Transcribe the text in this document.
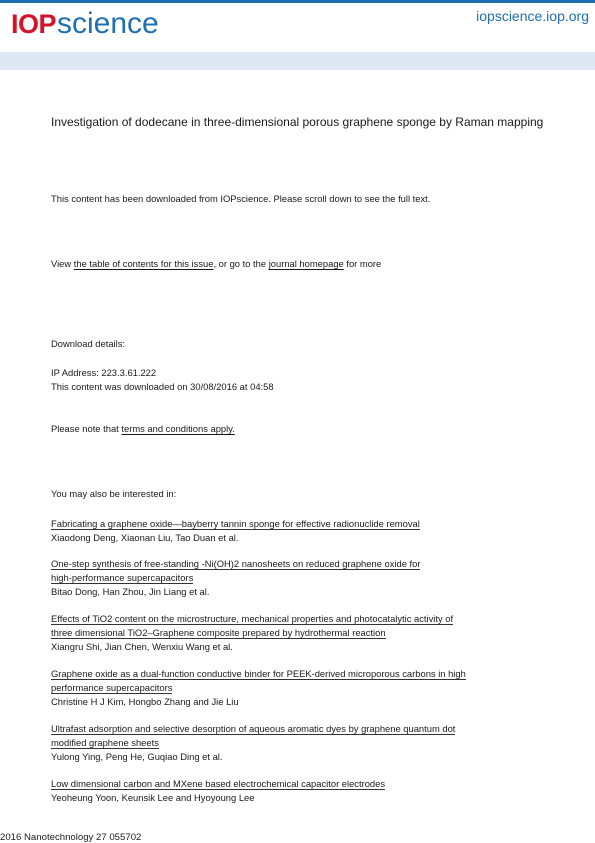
IOP science	iopscience.iop.org
Investigation of dodecane in three-dimensional porous graphene sponge by Raman mapping
This content has been downloaded from IOPscience. Please scroll down to see the full text.
View the table of contents for this issue, or go to the journal homepage for more
Download details:
IP Address: 223.3.61.222
This content was downloaded on 30/08/2016 at 04:58
Please note that terms and conditions apply.
You may also be interested in:
Fabricating a graphene oxide—bayberry tannin sponge for effective radionuclide removal
Xiaodong Deng, Xiaonan Liu, Tao Duan et al.
One-step synthesis of free-standing -Ni(OH)2 nanosheets on reduced graphene oxide for
high-performance supercapacitors
Bitao Dong, Han Zhou, Jin Liang et al.
Effects of TiO2 content on the microstructure, mechanical properties and photocatalytic activity of
three dimensional TiO2–Graphene composite prepared by hydrothermal reaction
Xiangru Shi, Jian Chen, Wenxiu Wang et al.
Graphene oxide as a dual-function conductive binder for PEEK-derived microporous carbons in high
performance supercapacitors
Christine H J Kim, Hongbo Zhang and Jie Liu
Ultrafast adsorption and selective desorption of aqueous aromatic dyes by graphene quantum dot
modified graphene sheets
Yulong Ying, Peng He, Guqiao Ding et al.
Low dimensional carbon and MXene based electrochemical capacitor electrodes
Yeoheung Yoon, Keunsik Lee and Hyoyoung Lee
2016 Nanotechnology 27 055702
